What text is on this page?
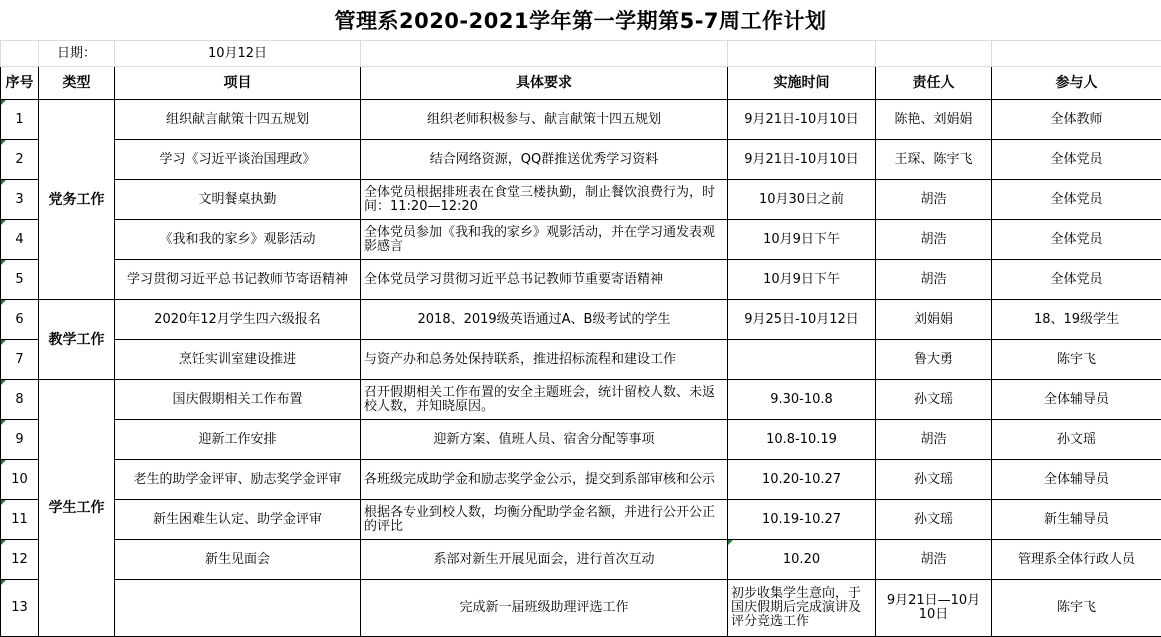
管理系2020-2021学年第一学期第5-7周工作计划
	日期：	10月12日					
序号	类型	项目	具体要求	实施时间	责任人	参与人	
1	党务工作	组织献言献策十四五规划	组织老师积极参与、献言献策十四五规划	9月21日-10月10日	陈艳、刘娟娟	全体教师	
2		学习《习近平谈治国理政》	结合网络资源，QQ群推送优秀学习资料	9月21日-10月10日	王琛、陈宇飞	全体党员	
3		文明餐桌执勤	全体党员根据排班表在食堂三楼执勤，制止餐饮浪费行为，时间：11:20—12:20	10月30日之前	胡浩	全体党员	
4		《我和我的家乡》观影活动	全体党员参加《我和我的家乡》观影活动，并在学习通发表观影感言	10月9日下午	胡浩	全体党员	
5		学习贯彻习近平总书记教师节寄语精神	全体党员学习贯彻习近平总书记教师节重要寄语精神	10月9日下午	胡浩	全体党员	
6	教学工作	2020年12月学生四六级报名	2018、2019级英语通过A、B级考试的学生	9月25日-10月12日	刘娟娟	18、19级学生	
7		烹饪实训室建设推进	与资产办和总务处保持联系，推进招标流程和建设工作		鲁大勇	陈宇飞	
8	学生工作	国庆假期相关工作布置	召开假期相关工作布置的安全主题班会，统计留校人数、未返校人数，并知晓原因。	9.30-10.8	孙文瑶	全体辅导员	
9		迎新工作安排	迎新方案、值班人员、宿舍分配等事项	10.8-10.19	胡浩	孙文瑶	
10		老生的助学金评审、励志奖学金评审	各班级完成助学金和励志奖学金公示，提交到系部审核和公示	10.20-10.27	孙文瑶	全体辅导员	
11		新生困难生认定、助学金评审	根据各专业到校人数，均衡分配助学金名额，并进行公开公正的评比	10.19-10.27	孙文瑶	新生辅导员	
12		新生见面会	系部对新生开展见面会，进行首次互动	10.20	胡浩	管理系全体行政人员	
13			完成新一届班级助理评选工作	初步收集学生意向，于国庆假期后完成演讲及评分竞选工作	9月21日—10月10日	陈宇飞	
